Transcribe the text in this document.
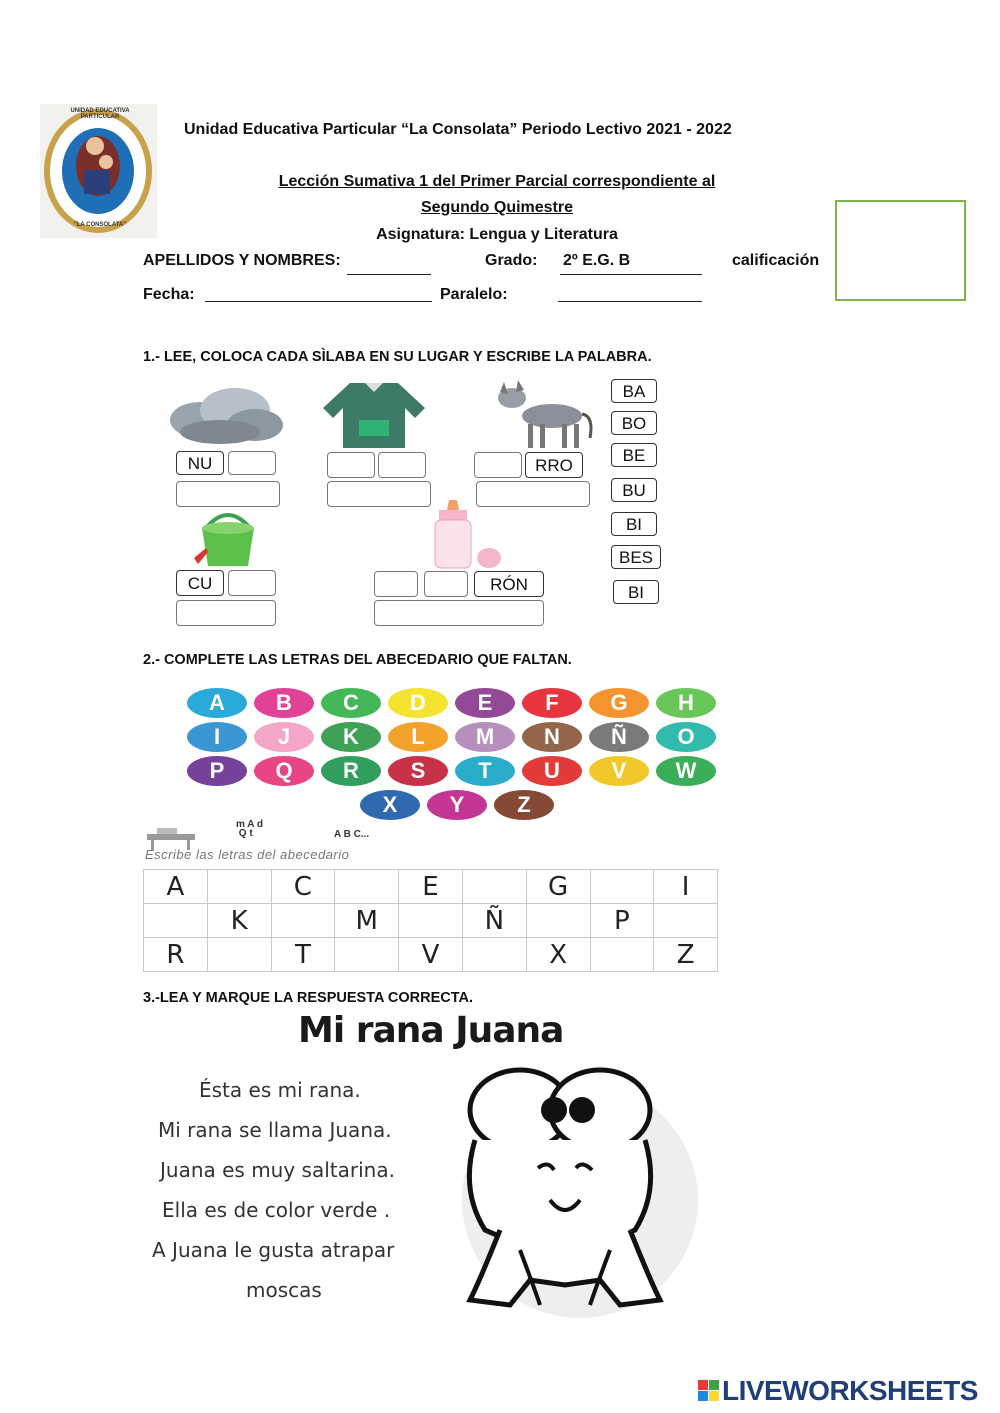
UNIDAD EDUCATIVA PARTICULAR
"LA CONSOLATA"
Unidad Educativa Particular “La Consolata” Periodo Lectivo 2021 - 2022
Lección Sumativa 1 del Primer Parcial correspondiente al
Segundo Quimestre
Asignatura: Lengua y Literatura
APELLIDOS Y NOMBRES:	Grado: 2º E.G. B	calificación
Fecha:	Paralelo:
1.- LEE, COLOCA CADA SÌLABA EN SU LUGAR Y ESCRIBE LA PALABRA.
NU	RRO
BA
BO
BE
BU
BI
BES
BI
CU	RÓN
2.- COMPLETE LAS LETRAS DEL ABECEDARIO QUE FALTAN.
A	B	C	D	E	F	G	H
I	J	K	L	M	N	Ñ	O
P	Q	R	S	T	U	V	W
X	Y	Z
m A d
Q t	A B C...
Escribe las letras del abecedario
A		C		E		G		I
	K		M		Ñ		P	
R		T		V		X		Z
3.-LEA Y MARQUE LA RESPUESTA CORRECTA.
Mi rana Juana
Ésta es mi rana.
Mi rana se llama Juana.
Juana es muy saltarina.
Ella es de color verde .
A Juana le gusta atrapar
moscas
LIVEWORKSHEETS
